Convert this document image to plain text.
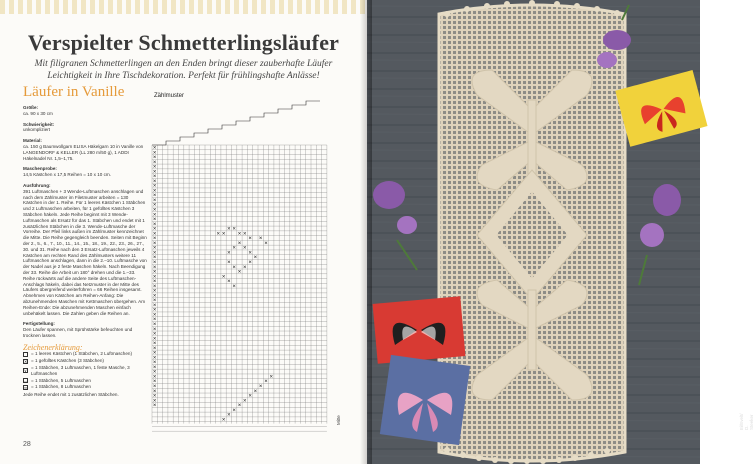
Verspielter Schmetterlingsläufer
Mit filigranen Schmetterlingen an den Enden bringt dieser zauberhafte Läufer
Leichtigkeit in Ihre Tischdekoration. Perfekt für frühlingshafte Anlässe!
Läufer in Vanille	Zählmuster
Größe:

ca. 90 x 30 cm

Schwierigkeit:

unkompliziert

Material:

ca. 150 g Baumwollgarn ELISA Häkelgarn 10 in Vanille von LANGENDORF & KELLER (LL 280 m/50 g), 1 ADDI Häkelnadel Nr. 1,5–1,75.

Maschenprobe:

14,5 Kästchen x 17,5 Reihen = 10 x 10 cm.

Ausführung:

391 Luftmaschen + 3 Wende-Luftmaschen anschlagen und nach dem Zählmuster im Filetmuster arbeiten = 130 Kästchen in der 1. Reihe. Für 1 leeres Kästchen 1 Stäbchen und 2 Luftmaschen arbeiten, für 1 gefülltes Kästchen 3 Stäbchen häkeln. Jede Reihe beginnt mit 3 Wende-Luftmaschen als Ersatz für das 1. Stäbchen und endet mit 1 zusätzlichen Stäbchen in die 3. Wende-Luftmasche der Vorreihe. Der Pfeil links außen im Zählmuster kennzeichnet die Mitte. Die Reihe gegengleich beenden. Seiten mit Beginn der 2., 5., 6., 7., 10., 11., 14., 15., 18., 19., 22., 23., 26., 27., 30. und 31. Reihe nach den 3 Ersatz-Luftmaschen jeweils 4 Kästchen am rechten Rand des Zählmusters weitere 11 Luftmaschen anschlagen, dann in die 2.–10. Luftmasche von der Nadel aus je 2 feste Maschen häkeln. Nach Beendigung der 33. Reihe die Arbeit um 180° drehen und die 1.–33. Reihe rückwärts auf die andere Seite des Luftmaschen-Anschlags häkeln, dabei das Netzmuster in der Mitte des Läufers übergreifend weiterführen = 66 Reihen insgesamt. Abnehmen von Kästchen am Reihen-Anfang: Die abzunehmenden Maschen mit Kettmaschen übergehen. Am Reihen-Ende: Die abzunehmenden Maschen einfach unbehäkelt lassen. Die Zahlen geben die Reihen an.

Fertigstellung:

Den Läufer spannen, mit Sprühstärke befeuchten und trocknen lassen.

Zeichenerklärung:
= 1 leeres Kästchen (1 Stäbchen, 2 Luftmaschen)
✕ = 1 gefülltes Kästchen (3 Stäbchen)
∨
= 1 Stäbchen, 3 Luftmaschen, 1 feste Masche, 3 Luftmaschen
— = 1 Stäbchen, 5 Luftmaschen
═ = 1 Stäbchen, 8 Luftmaschen

Jede Reihe endet mit 1 zusätzlichen Stäbchen.

✕
✕
✕
✕
✕
✕
✕
✕
✕
✕
✕
✕
✕
✕
✕
✕
✕
✕
✕
✕
✕
✕
✕
✕
✕
✕
✕
✕
✕
✕
✕
✕
✕
✕
✕
✕
✕
✕
✕
✕
✕
✕
✕
✕
✕
✕
✕
✕
✕
✕
✕
✕
✕
✕
✕
✕ ✕
✕ ✕
✕ ✕
✕
✕
✕
✕
✕
✕
✕
✕
✕
✕
✕
✕
✕
✕
✕
✕
✕
✕
✕
✕
✕
✕
✕
✕
✕
✕
✕	Mitte
28
Ei/Evelt/ D. Steeker
